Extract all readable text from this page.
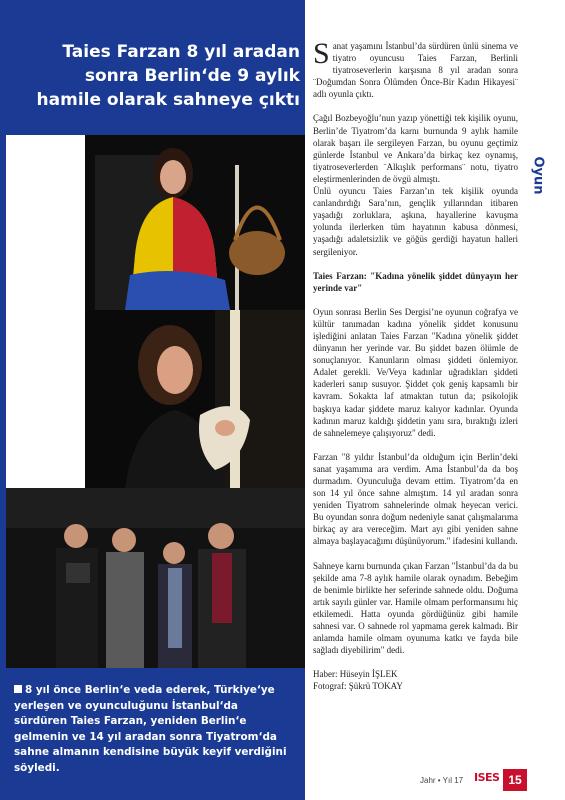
Taies Farzan 8 yıl aradan sonra Berlin‘de 9 aylık hamile olarak sahneye çıktı

8 yıl önce Berlin‘e veda ederek, Türkiye‘ye yerleşen ve oyunculuğunu İstanbul‘da sürdüren Taies Farzan, yeniden Berlin‘e gelmenin ve 14 yıl aradan sonra Tiyatrom‘da sahne almanın kendisine büyük keyif verdiğini söyledi.

Sanat yaşamını İstanbul’da sürdüren ünlü sinema ve tiyatro oyuncusu Taies Farzan, Berlinli tiyatroseverlerin karşısına 8 yıl aradan sonra ¨Doğumdan Sonra Ölümden Önce-Bir Kadın Hikayesi¨ adlı oyunla çıktı.

Çağıl Bozbeyoğlu’nun yazıp yönettiği tek kişilik oyunu, Berlin’de Tiyatrom’da karnı burnunda 9 aylık hamile olarak başarı ile sergileyen Farzan, bu oyunu geçtimiz günlerde İstanbul ve Ankara’da birkaç kez oynamış, tiyatroseverlerden ¨Alkışlık performans¨ notu, tiyatro eleştirmenlerinden de övgü almıştı.

Ünlü oyuncu Taies Farzan’ın tek kişilik oyunda canlandırdığı Sara’nın, gençlik yıllarından itibaren yaşadığı zorluklara, aşkına, hayallerine kavuşma yolunda ilerlerken tüm hayatının kabusa dönmesi, yaşadığı adaletsizlik ve göğüs gerdiği hayatun halleri sergileniyor.

Taies Farzan: "Kadına yönelik şiddet dünyayın her yerinde var"

Oyun sonrası Berlin Ses Dergisi’ne oyunun coğrafya ve kültür tanımadan kadına yönelik şiddet konusunu işlediğini anlatan Taies Farzan "Kadına yönelik şiddet dünyanın her yerinde var. Bu şiddet bazen ölümle de sonuçlanıyor. Kanunların olması şiddeti önlemiyor. Adalet gerekli. Ve/Veya kadınlar uğradıkları şiddeti kaderleri sanıp susuyor. Şiddet çok geniş kapsamlı bir kavram. Sokakta laf atmaktan tutun da; psikolojik başkıya kadar şiddete maruz kalıyor kadınlar. Oyunda kadının maruz kaldığı şiddetin yanı sıra, bıraktığı izleri de sahnelemeye çalışıyoruz" dedi.

Farzan "8 yıldır İstanbul’da olduğum için Berlin’deki sanat yaşamıma ara verdim. Ama İstanbul’da da boş durmadım. Oyunculuğa devam ettim. Tiyatrom’da en son 14 yıl önce sahne almıştım. 14 yıl aradan sonra yeniden Tiyatrom sahnelerinde olmak heyecan verici. Bu oyundan sonra doğum nedeniyle sanat çalışmalarıma birkaç ay ara vereceğim. Mart ayı gibi yeniden sahne almaya başlayacağımı düşünüyorum." ifadesini kullandı.

Sahneye karnı burnunda çıkan Farzan "İstanbul’da da bu şekilde ama 7-8 aylık hamile olarak oynadım. Bebeğim de benimle birlikte her seferinde sahnede oldu. Doğuma artık sayılı günler var. Hamile olmam performansımı hiç etkilemedi. Hatta oyunda gördüğünüz gibi hamile sahnesi var. O sahnede rol yapmama gerek kalmadı. Bir anlamda hamile olmam oyunuma katkı ve fayda bile sağladı diyebilirim" dedi.

Haber: Hüseyin İŞLEK

Fotograf: Şükrü TOKAY

Oyun
Jahr • Yıl 17 ISES 15
